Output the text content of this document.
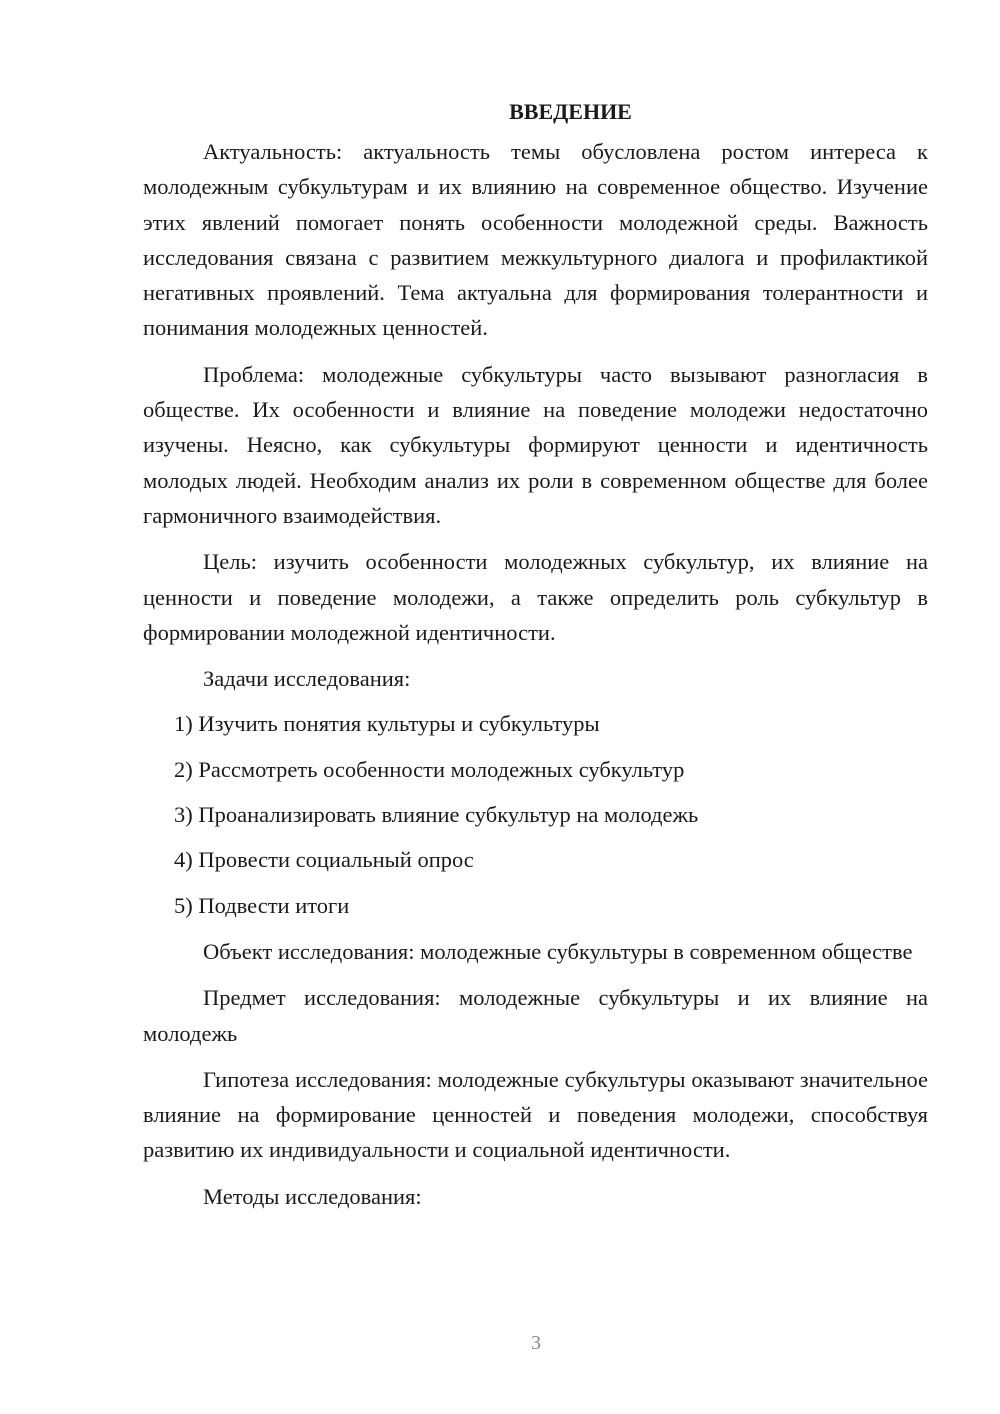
ВВЕДЕНИЕ

Актуальность: актуальность темы обусловлена ростом интереса к молодежным субкультурам и их влиянию на современное общество. Изучение этих явлений помогает понять особенности молодежной среды. Важность исследования связана с развитием межкультурного диалога и профилактикой негативных проявлений. Тема актуальна для формирования толерантности и понимания молодежных ценностей.

Проблема: молодежные субкультуры часто вызывают разногласия в обществе. Их особенности и влияние на поведение молодежи недостаточно изучены. Неясно, как субкультуры формируют ценности и идентичность молодых людей. Необходим анализ их роли в современном обществе для более гармоничного взаимодействия.

Цель: изучить особенности молодежных субкультур, их влияние на ценности и поведение молодежи, а также определить роль субкультур в формировании молодежной идентичности.

Задачи исследования:

1) Изучить понятия культуры и субкультуры
2) Рассмотреть особенности молодежных субкультур
3) Проанализировать влияние субкультур на молодежь
4) Провести социальный опрос
5) Подвести итоги

Объект исследования: молодежные субкультуры в современном обществе

Предмет исследования: молодежные субкультуры и их влияние на молодежь

Гипотеза исследования: молодежные субкультуры оказывают значительное влияние на формирование ценностей и поведения молодежи, способствуя развитию их индивидуальности и социальной идентичности.

Методы исследования:

3
